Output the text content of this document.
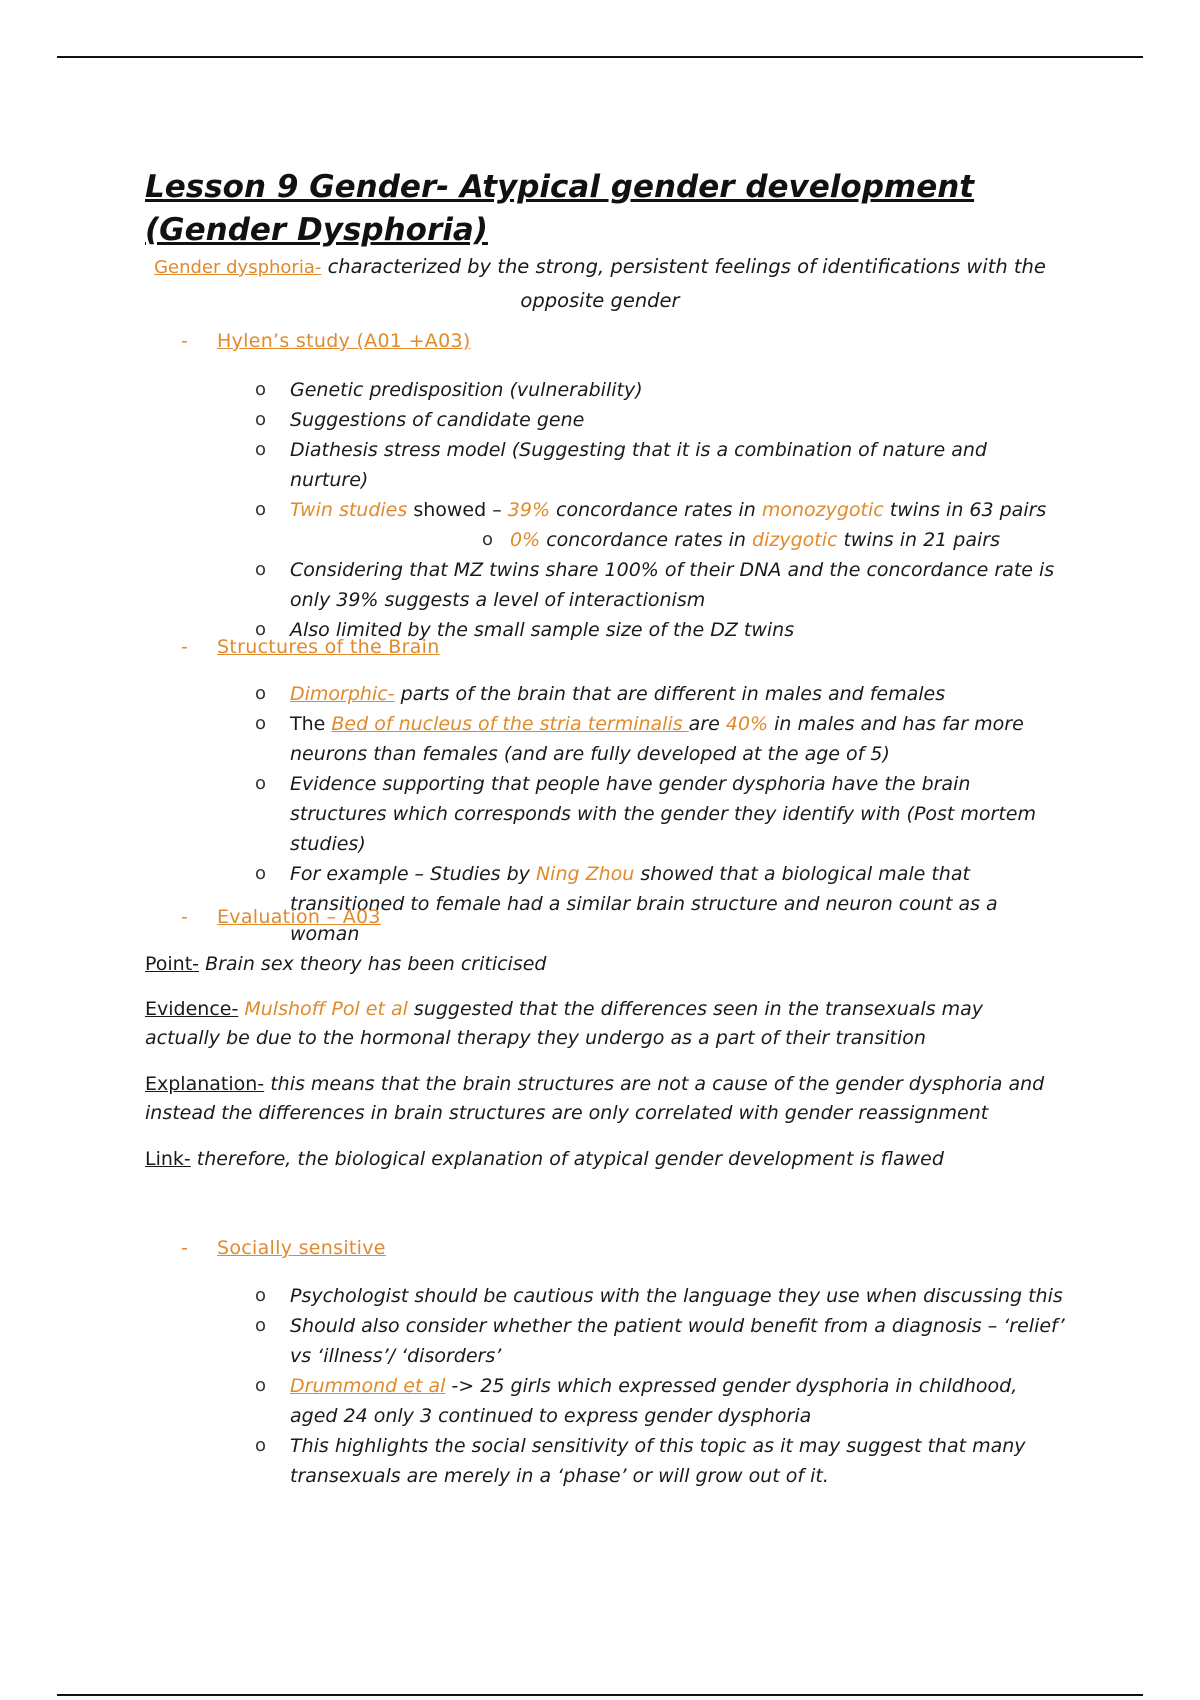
Lesson 9 Gender- Atypical gender development (Gender Dysphoria)
Gender dysphoria- characterized by the strong, persistent feelings of identifications with the opposite gender
- Hylen’s study (A01 +A03)
o Genetic predisposition (vulnerability)
o Suggestions of candidate gene
o Diathesis stress model (Suggesting that it is a combination of nature and nurture)
o Twin studies showed – 39% concordance rates in monozygotic twins in 63 pairs
o 0% concordance rates in dizygotic twins in 21 pairs
o Considering that MZ twins share 100% of their DNA and the concordance rate is only 39% suggests a level of interactionism
o Also limited by the small sample size of the DZ twins
- Structures of the Brain
o Dimorphic- parts of the brain that are different in males and females
o The Bed of nucleus of the stria terminalis are 40% in males and has far more neurons than females (and are fully developed at the age of 5)
o Evidence supporting that people have gender dysphoria have the brain structures which corresponds with the gender they identify with (Post mortem studies)
o For example – Studies by Ning Zhou showed that a biological male that transitioned to female had a similar brain structure and neuron count as a woman
- Evaluation – A03

Point- Brain sex theory has been criticised

Evidence- Mulshoff Pol et al suggested that the differences seen in the transexuals may actually be due to the hormonal therapy they undergo as a part of their transition

Explanation- this means that the brain structures are not a cause of the gender dysphoria and instead the differences in brain structures are only correlated with gender reassignment

Link- therefore, the biological explanation of atypical gender development is flawed

- Socially sensitive
o Psychologist should be cautious with the language they use when discussing this
o Should also consider whether the patient would benefit from a diagnosis – ‘relief’ vs ‘illness’/ ‘disorders’
o Drummond et al -> 25 girls which expressed gender dysphoria in childhood, aged 24 only 3 continued to express gender dysphoria
o This highlights the social sensitivity of this topic as it may suggest that many transexuals are merely in a ‘phase’ or will grow out of it.
